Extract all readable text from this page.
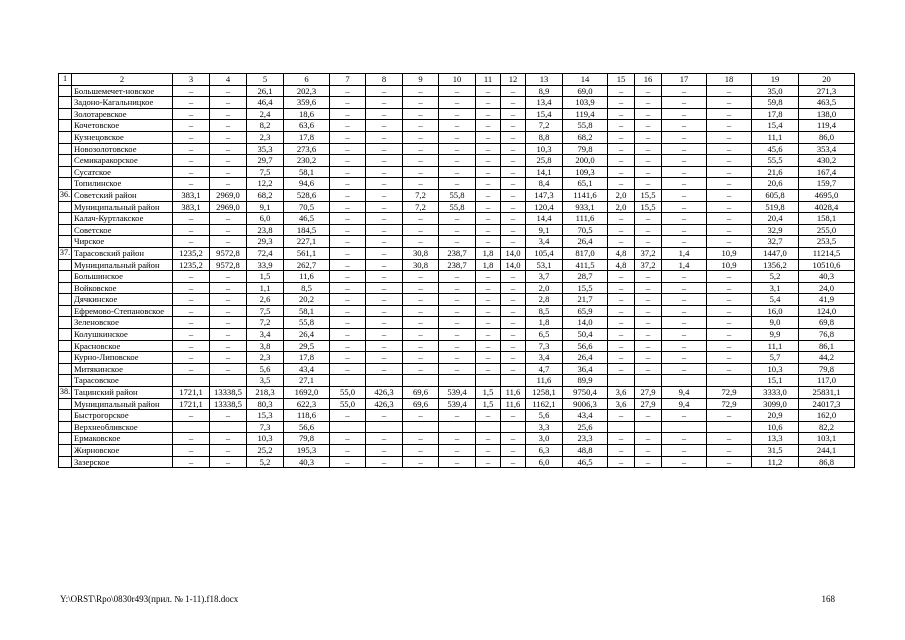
1	2	3	4	5	6	7	8	9	10	11	12	13	14	15	16	17	18	19	20
	Большемечет-новское	–	–	26,1	202,3	–	–	–	–	–	–	8,9	69,0	–	–	–	–	35,0	271,3
	Задоно-Кагальницкое	–	–	46,4	359,6	–	–	–	–	–	–	13,4	103,9	–	–	–	–	59,8	463,5
	Золотаревское	–	–	2,4	18,6	–	–	–	–	–	–	15,4	119,4	–	–	–	–	17,8	138,0
	Кочетовское	–	–	8,2	63,6	–	–	–	–	–	–	7,2	55,8	–	–	–	–	15,4	119,4
	Кузнецовское	–	–	2,3	17,8	–	–	–	–	–	–	8,8	68,2	–	–	–	–	11,1	86,0
	Новозолотовское	–	–	35,3	273,6	–	–	–	–	–	–	10,3	79,8	–	–	–	–	45,6	353,4
	Семикаракорское	–	–	29,7	230,2	–	–	–	–	–	–	25,8	200,0	–	–	–	–	55,5	430,2
	Сусатское	–	–	7,5	58,1	–	–	–	–	–	–	14,1	109,3	–	–	–	–	21,6	167,4
	Топилинское	–	–	12,2	94,6	–	–	–	–	–	–	8,4	65,1	–	–	–	–	20,6	159,7
36.	Советский район	383,1	2969,0	68,2	528,6	–	–	7,2	55,8	–	–	147,3	1141,6	2,0	15,5	–	–	605,8	4695,0
	Муниципальный район	383,1	2969,0	9,1	70,5	–	–	7,2	55,8	–	–	120,4	933,1	2,0	15,5	–	–	519,8	4028,4
	Калач-Куртлакское	–	–	6,0	46,5	–	–	–	–	–	–	14,4	111,6	–	–	–	–	20,4	158,1
	Советское	–	–	23,8	184,5	–	–	–	–	–	–	9,1	70,5	–	–	–	–	32,9	255,0
	Чирское	–	–	29,3	227,1	–	–	–	–	–	–	3,4	26,4	–	–	–	–	32,7	253,5
37.	Тарасовский район	1235,2	9572,8	72,4	561,1	–	–	30,8	238,7	1,8	14,0	105,4	817,0	4,8	37,2	1,4	10,9	1447,0	11214,5
	Муниципальный район	1235,2	9572,8	33,9	262,7	–	–	30,8	238,7	1,8	14,0	53,1	411,5	4,8	37,2	1,4	10,9	1356,2	10510,6
	Большинское	–	–	1,5	11,6	–	–	–	–	–	–	3,7	28,7	–	–	–	–	5,2	40,3
	Войковское	–	–	1,1	8,5	–	–	–	–	–	–	2,0	15,5	–	–	–	–	3,1	24,0
	Дячкинское	–	–	2,6	20,2	–	–	–	–	–	–	2,8	21,7	–	–	–	–	5,4	41,9
	Ефремово-Степановское	–	–	7,5	58,1	–	–	–	–	–	–	8,5	65,9	–	–	–	–	16,0	124,0
	Зеленовское	–	–	7,2	55,8	–	–	–	–	–	–	1,8	14,0	–	–	–	–	9,0	69,8
	Колушкинское	–	–	3,4	26,4	–	–	–	–	–	–	6,5	50,4	–	–	–	–	9,9	76,8
	Красновское	–	–	3,8	29,5	–	–	–	–	–	–	7,3	56,6	–	–	–	–	11,1	86,1
	Курно-Липовское	–	–	2,3	17,8	–	–	–	–	–	–	3,4	26,4	–	–	–	–	5,7	44,2
	Митякинское	–	–	5,6	43,4	–	–	–	–	–	–	4,7	36,4	–	–	–	–	10,3	79,8
	Тарасовское			3,5	27,1							11,6	89,9					15,1	117,0
38.	Тацинский район	1721,1	13338,5	218,3	1692,0	55,0	426,3	69,6	539,4	1,5	11,6	1258,1	9750,4	3,6	27,9	9,4	72,9	3333,0	25831,1
	Муниципальный район	1721,1	13338,5	80,3	622,3	55,0	426,3	69,6	539,4	1,5	11,6	1162,1	9006,3	3,6	27,9	9,4	72,9	3099,0	24017,3
	Быстрогорское	–	–	15,3	118,6	–	–	–	–	–	–	5,6	43,4	–	–	–	–	20,9	162,0
	Верхнеобливское			7,3	56,6							3,3	25,6					10,6	82,2
	Ермаковское	–	–	10,3	79,8	–	–	–	–	–	–	3,0	23,3	–	–	–	–	13,3	103,1
	Жирновское	–	–	25,2	195,3	–	–	–	–	–	–	6,3	48,8	–	–	–	–	31,5	244,1
	Зазерское	–	–	5,2	40,3	–	–	–	–	–	–	6,0	46,5	–	–	–	–	11,2	86,8
Y:\ORST\Rpo\0830r493(прил. № 1-11).f18.docx	168
